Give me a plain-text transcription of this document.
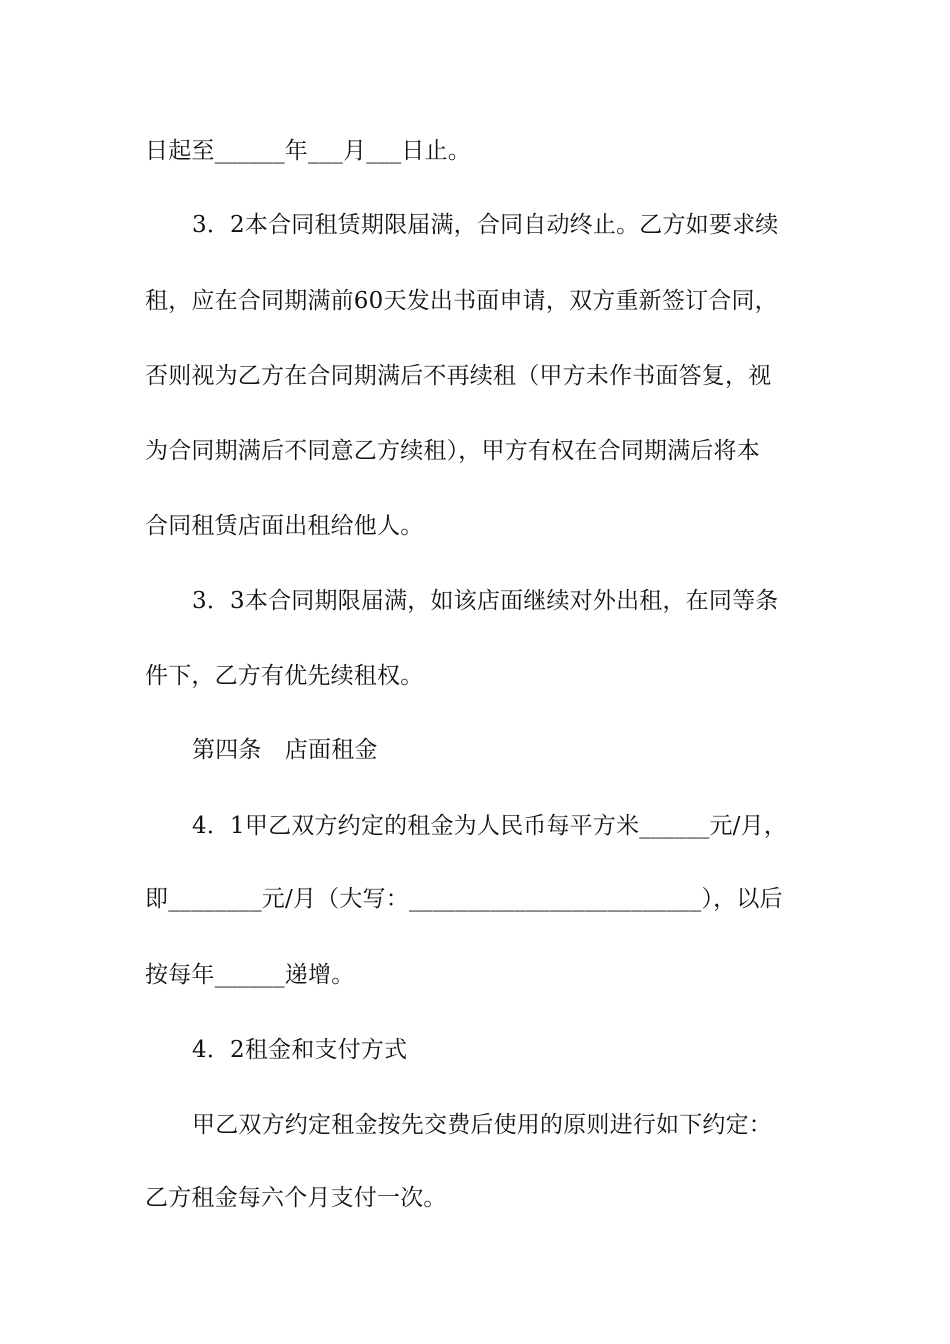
日起至______年___月___日止。
3．2本合同租赁期限届满，合同自动终止。乙方如要求续
租，应在合同期满前60天发出书面申请，双方重新签订合同，
否则视为乙方在合同期满后不再续租（甲方未作书面答复，视
为合同期满后不同意乙方续租），甲方有权在合同期满后将本
合同租赁店面出租给他人。
3．3本合同期限届满，如该店面继续对外出租，在同等条
件下，乙方有优先续租权。
第四条　店面租金
4．1甲乙双方约定的租金为人民币每平方米______元/月，
即________元/月（大写：_________________________），以后
按每年______递增。
4．2租金和支付方式
甲乙双方约定租金按先交费后使用的原则进行如下约定：
乙方租金每六个月支付一次。
